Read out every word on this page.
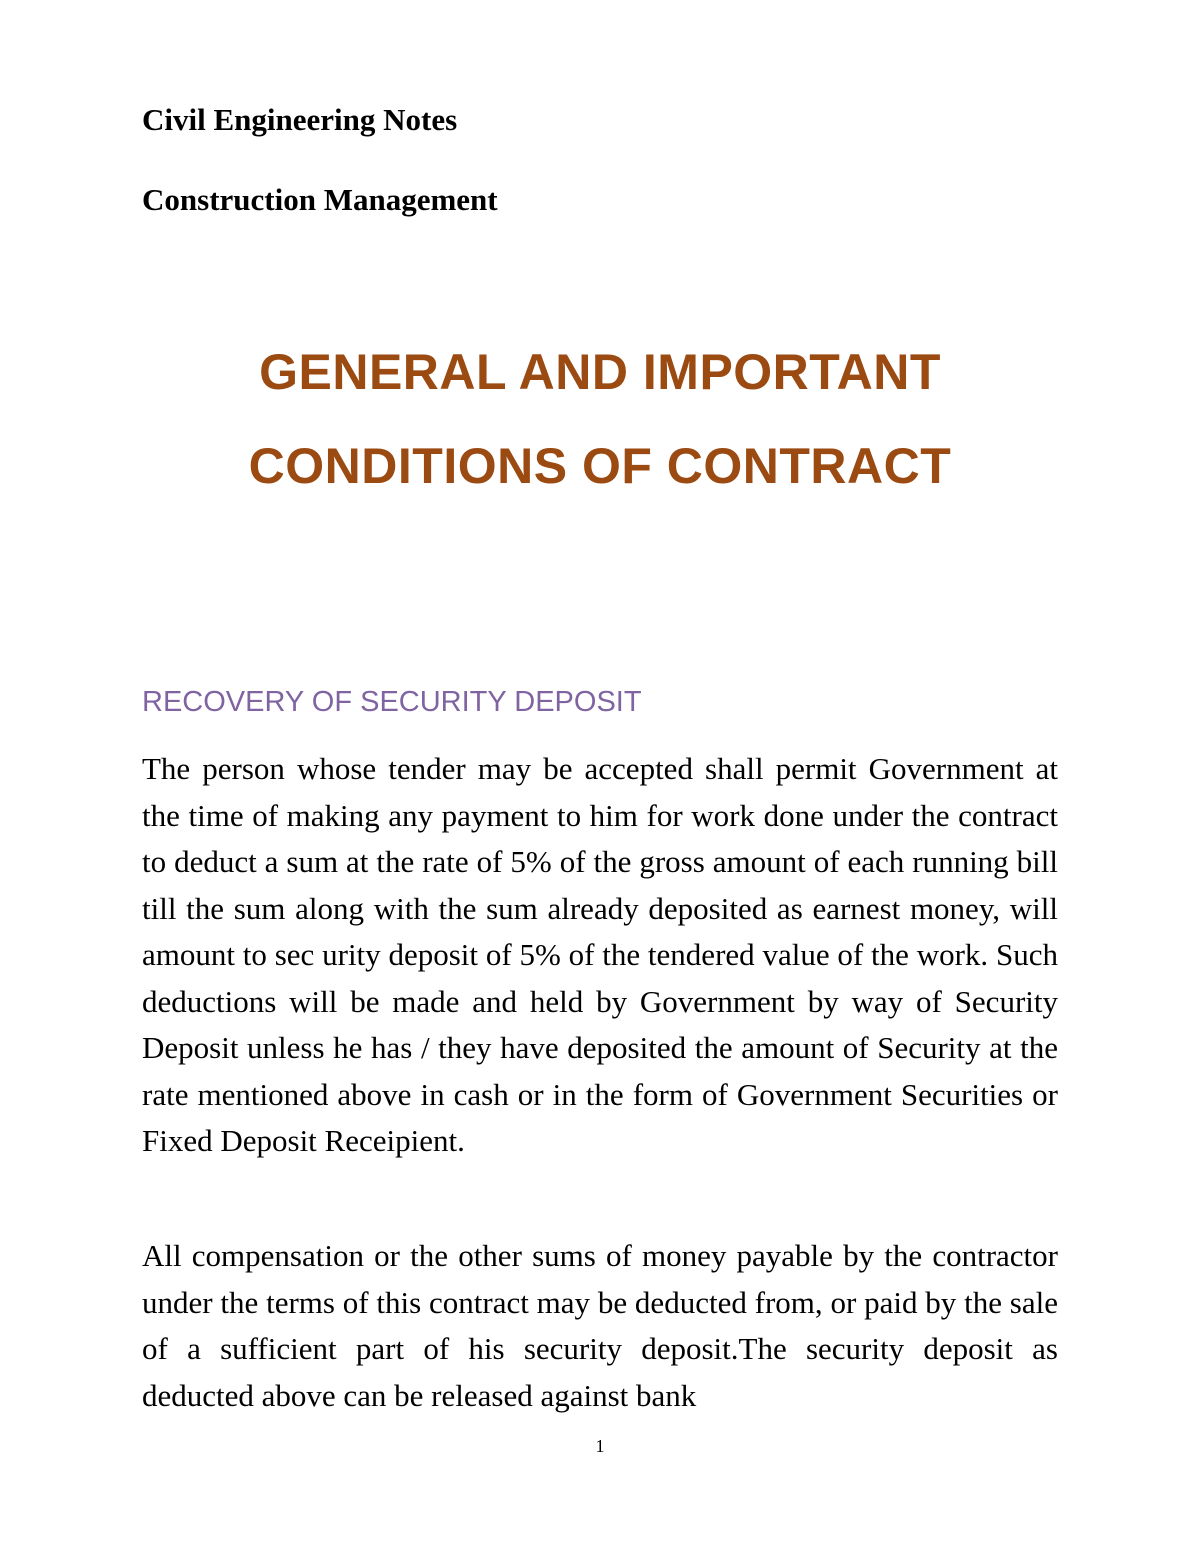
Civil Engineering Notes

Construction Management

GENERAL AND IMPORTANT
CONDITIONS OF CONTRACT
RECOVERY OF SECURITY DEPOSIT

The person whose tender may be accepted shall permit Government at the time of making any payment to him for work done under the contract to deduct a sum at the rate of 5% of the gross amount of each running bill till the sum along with the sum already deposited as earnest money, will amount to sec urity deposit of 5% of the tendered value of the work. Such deductions will be made and held by Government by way of Security Deposit unless he has / they have deposited the amount of Security at the rate mentioned above in cash or in the form of Government Securities or Fixed Deposit Receipient.

All compensation or the other sums of money payable by the contractor under the terms of this contract may be deducted from, or paid by the sale of a sufficient part of his security deposit.The security deposit as deducted above can be released against bank

1
